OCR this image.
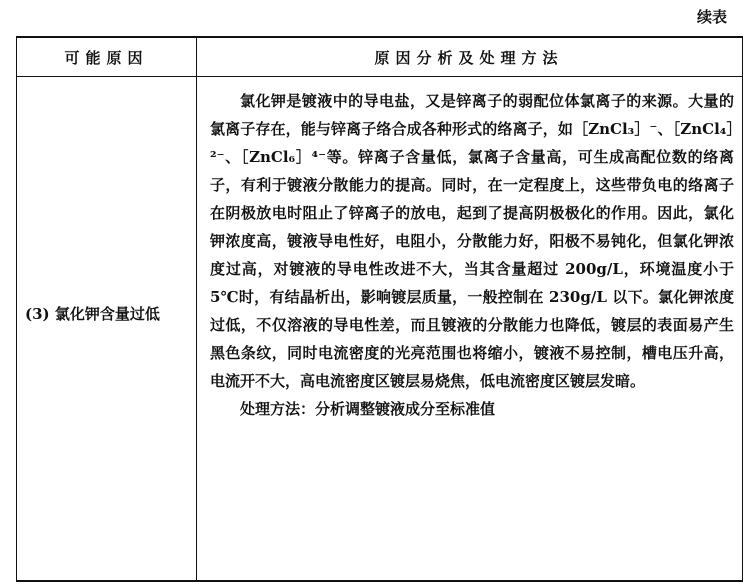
续表
可能原因	原因分析及处理方法
(3) 氯化钾含量过低

氯化钾是镀液中的导电盐，又是锌离子的弱配位体氯离子的来源。大量的氯离子存在，能与锌离子络合成各种形式的络离子，如［ZnCl₃］⁻、［ZnCl₄］²⁻、［ZnCl₆］⁴⁻等。锌离子含量低，氯离子含量高，可生成高配位数的络离子，有利于镀液分散能力的提高。同时，在一定程度上，这些带负电的络离子在阴极放电时阻止了锌离子的放电，起到了提高阴极极化的作用。因此，氯化钾浓度高，镀液导电性好，电阻小，分散能力好，阳极不易钝化，但氯化钾浓度过高，对镀液的导电性改进不大，当其含量超过 200g/L，环境温度小于 5℃时，有结晶析出，影响镀层质量，一般控制在 230g/L 以下。氯化钾浓度过低，不仅溶液的导电性差，而且镀液的分散能力也降低，镀层的表面易产生黑色条纹，同时电流密度的光亮范围也将缩小，镀液不易控制，槽电压升高，电流开不大，高电流密度区镀层易烧焦，低电流密度区镀层发暗。

处理方法：分析调整镀液成分至标准值
